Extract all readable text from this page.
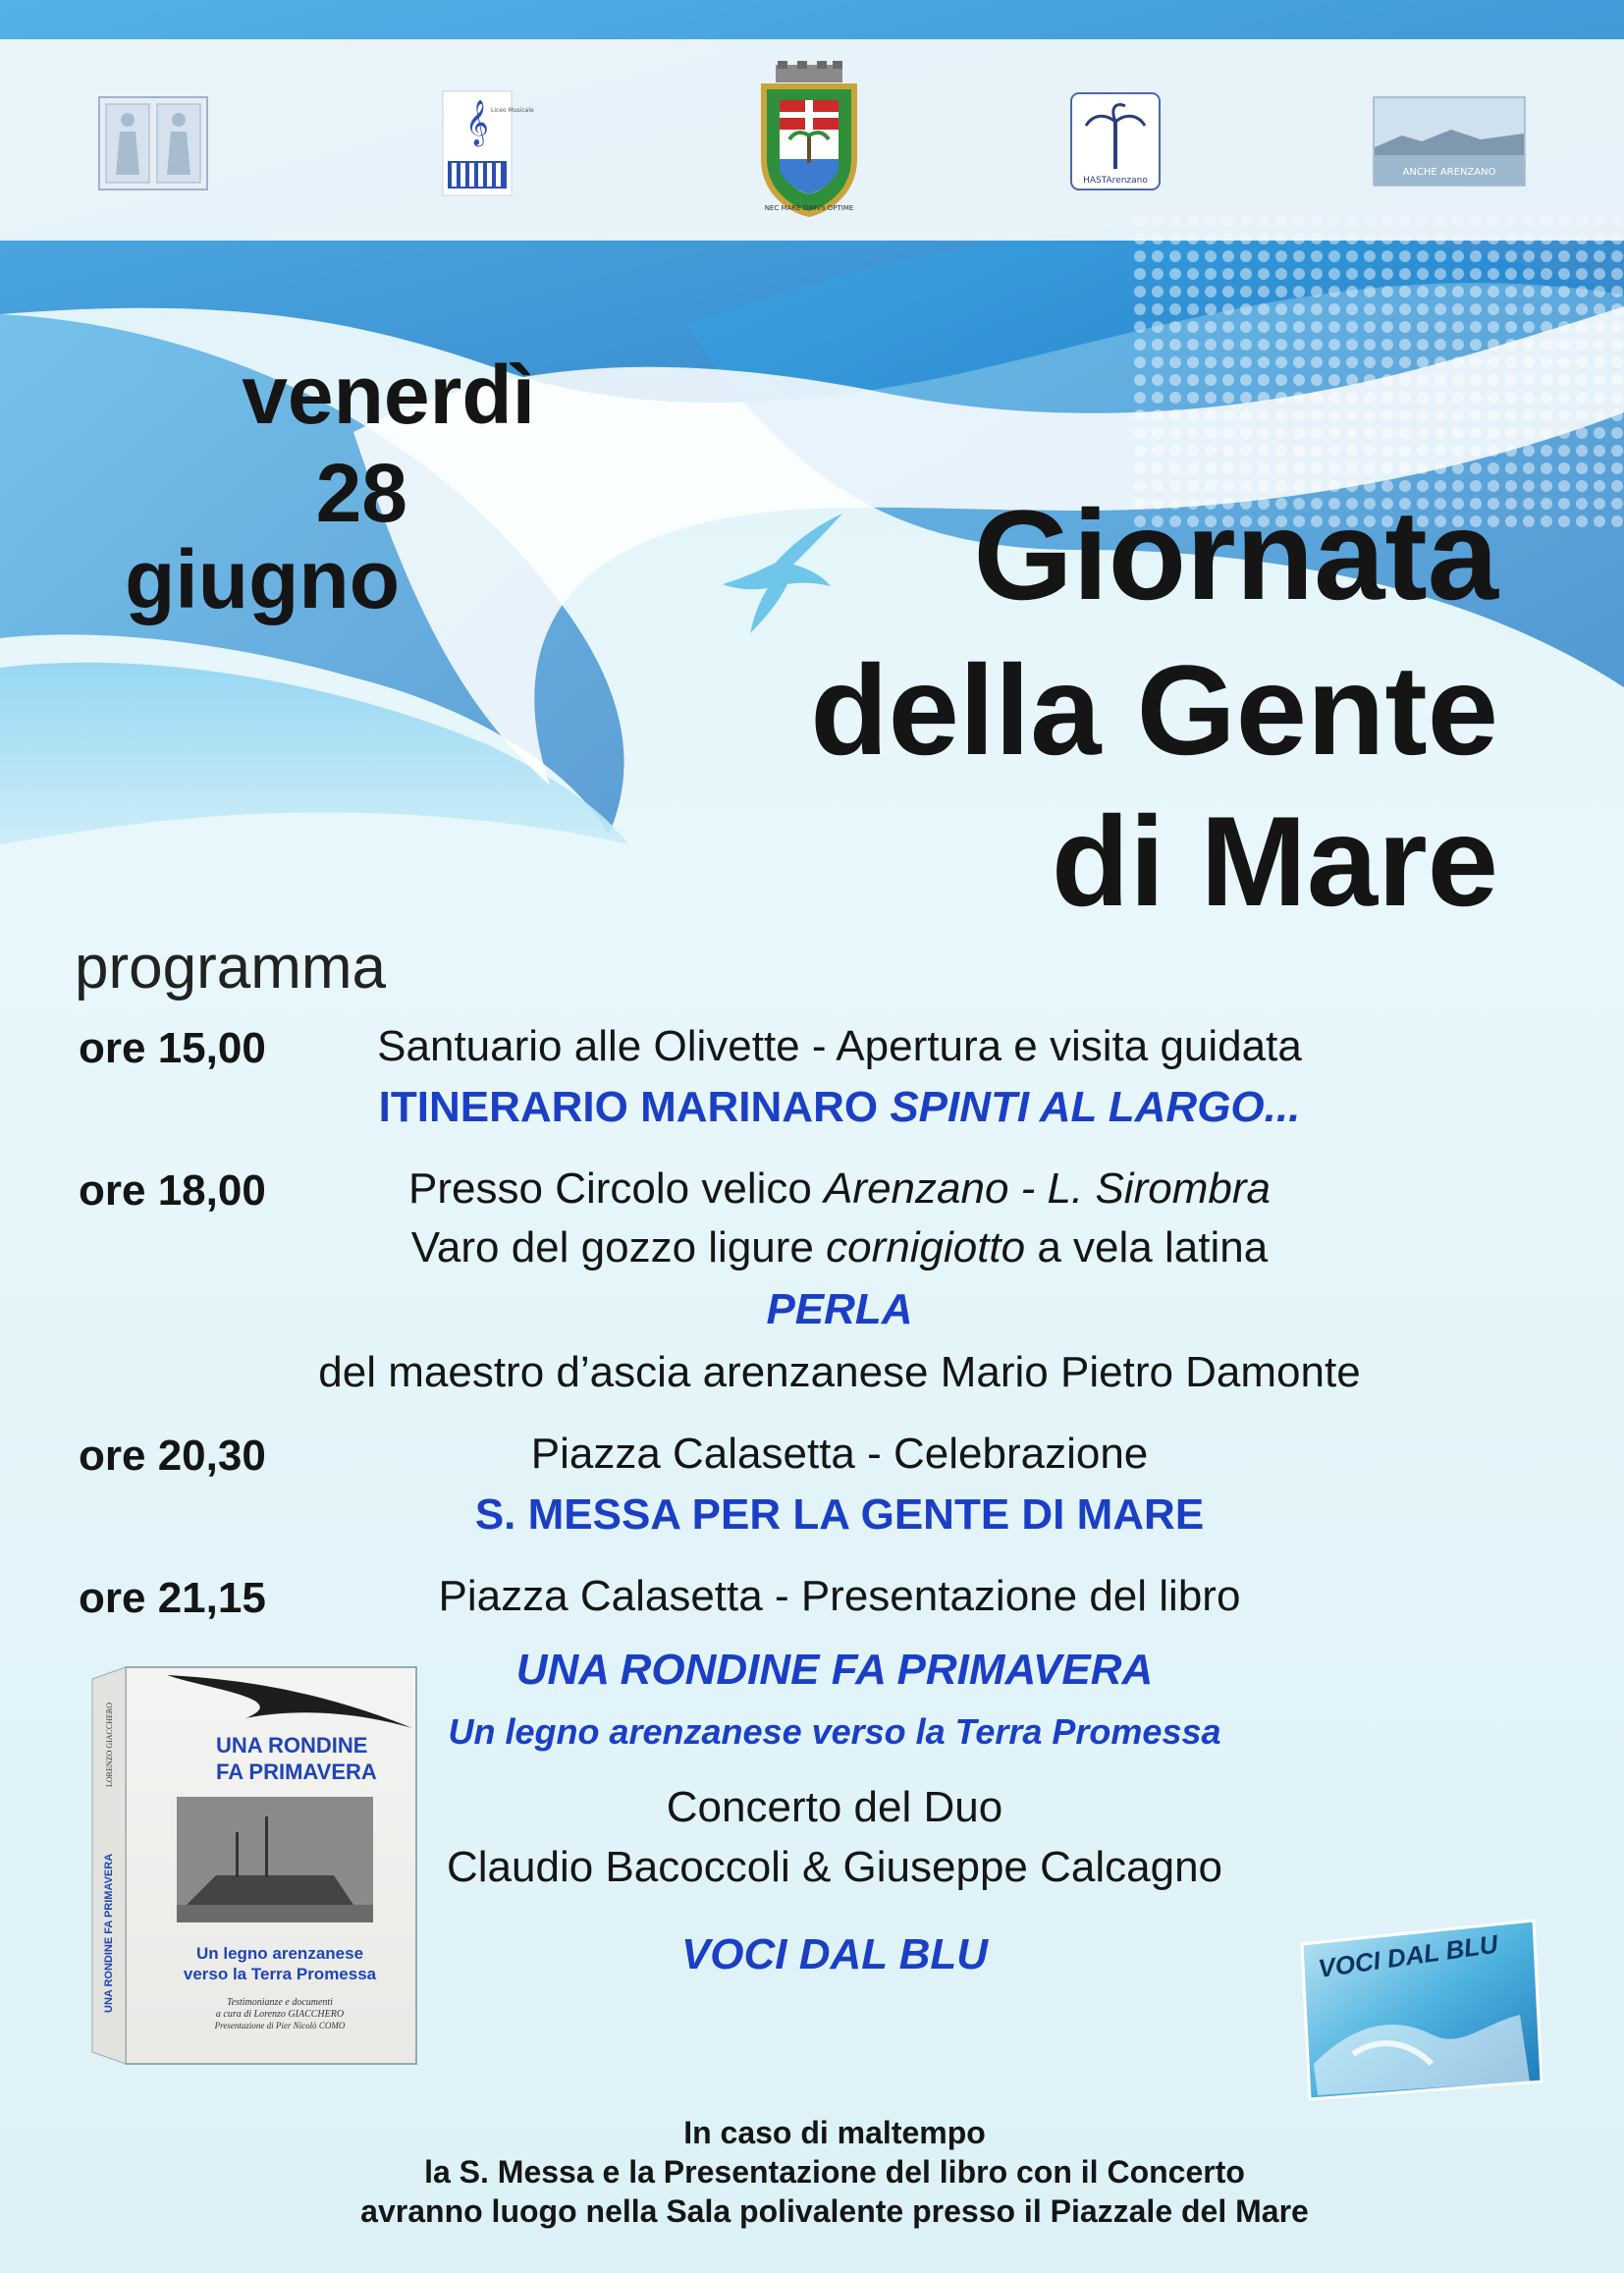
𝄞 Liceo Musicale
NEC MARE DIMVS OPTIME
HASTArenzano
ANCHE ARENZANO
venerdì
28
giugno	Giornata
della Gente
di Mare
programma
ore 15,00	Santuario alle Olivette - Apertura e visita guidata
ITINERARIO MARINARO SPINTI AL LARGO...
ore 18,00	Presso Circolo velico Arenzano - L. Sirombra
Varo del gozzo ligure cornigiotto a vela latina
PERLA
del maestro d’ascia arenzanese Mario Pietro Damonte
ore 20,30	Piazza Calasetta - Celebrazione
S. MESSA PER LA GENTE DI MARE
ore 21,15	Piazza Calasetta - Presentazione del libro
UNA RONDINE FA PRIMAVERA
Un legno arenzanese verso la Terra Promessa
Concerto del Duo
Claudio Bacoccoli & Giuseppe Calcagno
VOCI DAL BLU
UNA RONDINE
FA PRIMAVERA
Un legno arenzanese
verso la Terra Promessa
Testimonianze e documenti
a cura di Lorenzo GIACCHERO
Presentazione di Pier Nicolò COMO
UNA RONDINE FA PRIMAVERA
LORENZO GIACCHERO
VOCI DAL BLU
In caso di maltempo
la S. Messa e la Presentazione del libro con il Concerto
avranno luogo nella Sala polivalente presso il Piazzale del Mare
